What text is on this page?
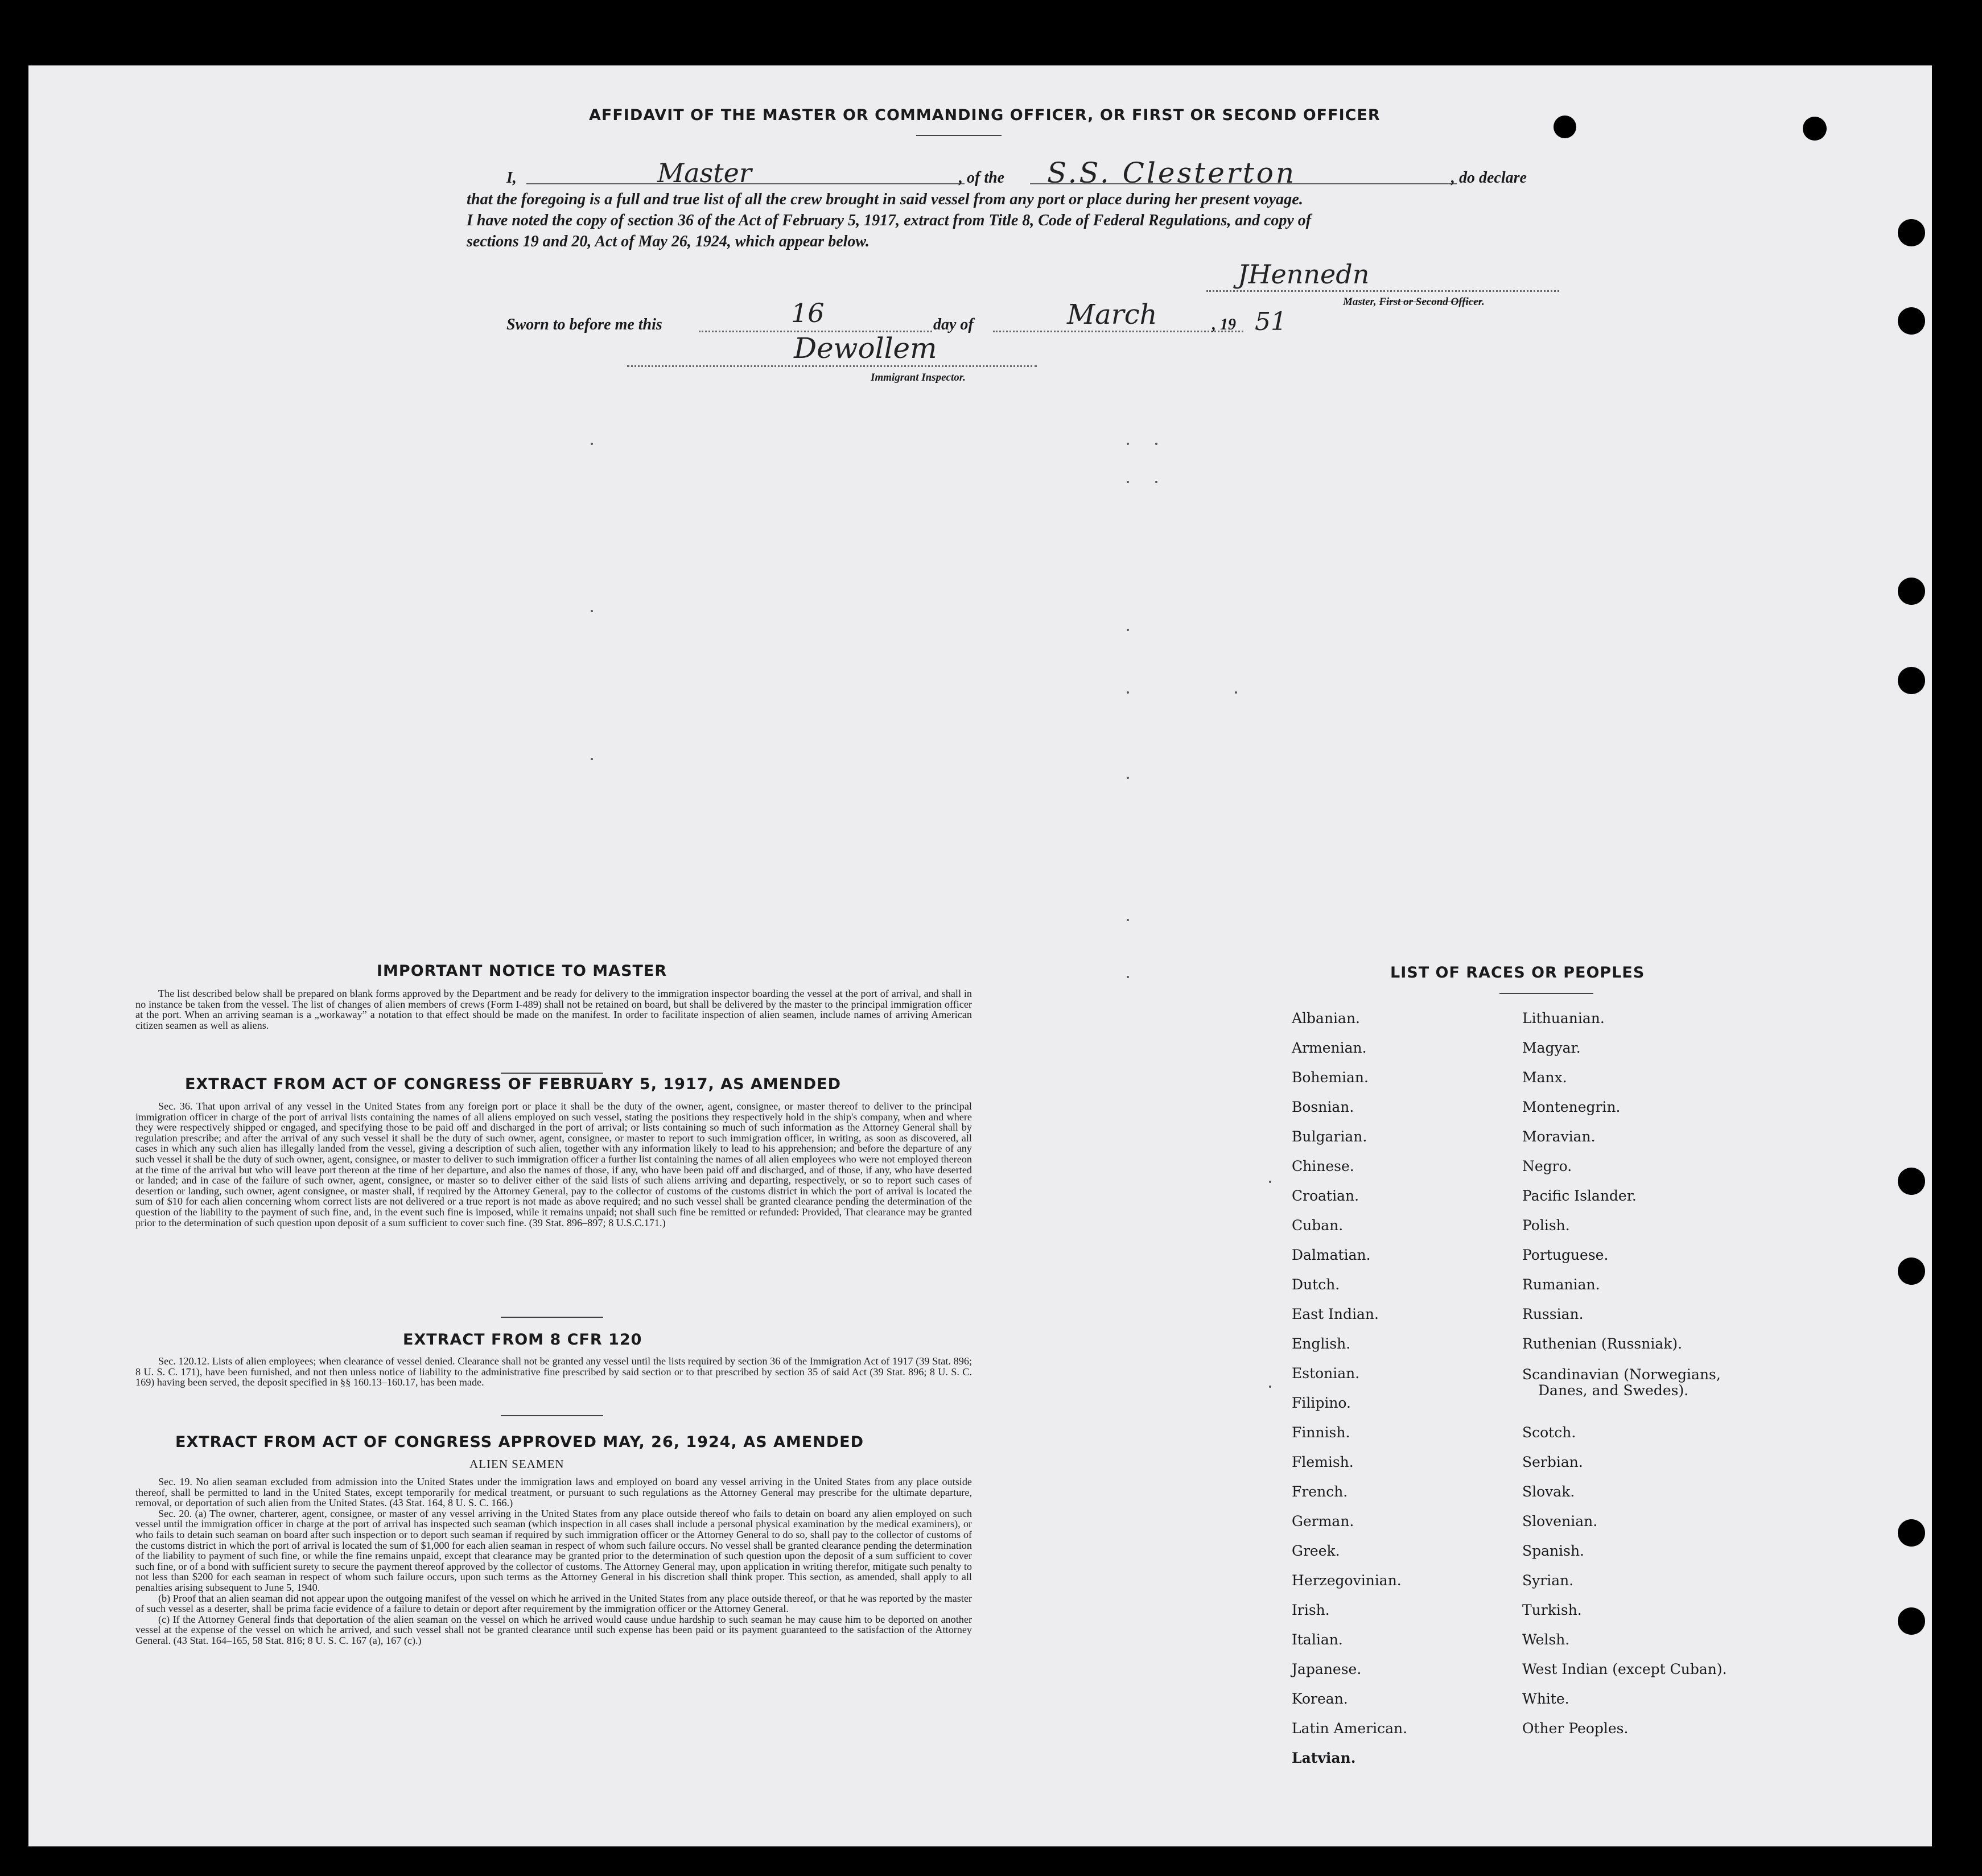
AFFIDAVIT OF THE MASTER OR COMMANDING OFFICER, OR FIRST OR SECOND OFFICER
I,	Master	, of the S.S. Clesterton	, do declare
that the foregoing is a full and true list of all the crew brought in said vessel from any port or place during her present voyage.
I have noted the copy of section 36 of the Act of February 5, 1917, extract from Title 8, Code of Federal Regulations, and copy of
sections 19 and 20, Act of May 26, 1924, which appear below.
JHennedn
Master, First or Second Officer.
Sworn to before me this	16	day of	March	, 19 51
Dewollem
Immigrant Inspector.
IMPORTANT NOTICE TO MASTER

The list described below shall be prepared on blank forms approved by the Department and be ready for delivery to the immigration inspector boarding the vessel at the port of arrival, and shall in no instance be taken from the vessel. The list of changes of alien members of crews (Form I-489) shall not be retained on board, but shall be delivered by the master to the principal immigration officer at the port. When an arriving seaman is a „workaway” a notation to that effect should be made on the manifest. In order to facilitate inspection of alien seamen, include names of arriving American citizen seamen as well as aliens.

EXTRACT FROM ACT OF CONGRESS OF FEBRUARY 5, 1917, AS AMENDED

Sec. 36. That upon arrival of any vessel in the United States from any foreign port or place it shall be the duty of the owner, agent, consignee, or master thereof to deliver to the principal immigration officer in charge of the port of arrival lists containing the names of all aliens employed on such vessel, stating the positions they respectively hold in the ship's company, when and where they were respectively shipped or engaged, and specifying those to be paid off and discharged in the port of arrival; or lists containing so much of such information as the Attorney General shall by regulation prescribe; and after the arrival of any such vessel it shall be the duty of such owner, agent, consignee, or master to report to such immigration officer, in writing, as soon as discovered, all cases in which any such alien has illegally landed from the vessel, giving a description of such alien, together with any information likely to lead to his apprehension; and before the departure of any such vessel it shall be the duty of such owner, agent, consignee, or master to deliver to such immigration officer a further list containing the names of all alien employees who were not employed thereon at the time of the arrival but who will leave port thereon at the time of her departure, and also the names of those, if any, who have been paid off and discharged, and of those, if any, who have deserted or landed; and in case of the failure of such owner, agent, consignee, or master so to deliver either of the said lists of such aliens arriving and departing, respectively, or so to report such cases of desertion or landing, such owner, agent consignee, or master shall, if required by the Attorney General, pay to the collector of customs of the customs district in which the port of arrival is located the sum of $10 for each alien concerning whom correct lists are not delivered or a true report is not made as above required; and no such vessel shall be granted clearance pending the determination of the question of the liability to the payment of such fine, and, in the event such fine is imposed, while it remains unpaid; not shall such fine be remitted or refunded: Provided, That clearance may be granted prior to the determination of such question upon deposit of a sum sufficient to cover such fine. (39 Stat. 896–897; 8 U.S.C.171.)

EXTRACT FROM 8 CFR 120

Sec. 120.12. Lists of alien employees; when clearance of vessel denied. Clearance shall not be granted any vessel until the lists required by section 36 of the Immigration Act of 1917 (39 Stat. 896; 8 U. S. C. 171), have been furnished, and not then unless notice of liability to the administrative fine prescribed by said section or to that prescribed by section 35 of said Act (39 Stat. 896; 8 U. S. C. 169) having been served, the deposit specified in §§ 160.13–160.17, has been made.

EXTRACT FROM ACT OF CONGRESS APPROVED MAY, 26, 1924, AS AMENDED
ALIEN SEAMEN

Sec. 19. No alien seaman excluded from admission into the United States under the immigration laws and employed on board any vessel arriving in the United States from any place outside thereof, shall be permitted to land in the United States, except temporarily for medical treatment, or pursuant to such regulations as the Attorney General may prescribe for the ultimate departure, removal, or deportation of such alien from the United States. (43 Stat. 164, 8 U. S. C. 166.)

Sec. 20. (a) The owner, charterer, agent, consignee, or master of any vessel arriving in the United States from any place outside thereof who fails to detain on board any alien employed on such vessel until the immigration officer in charge at the port of arrival has inspected such seaman (which inspection in all cases shall include a personal physical examination by the medical examiners), or who fails to detain such seaman on board after such inspection or to deport such seaman if required by such immigration officer or the Attorney General to do so, shall pay to the collector of customs of the customs district in which the port of arrival is located the sum of $1,000 for each alien seaman in respect of whom such failure occurs. No vessel shall be granted clearance pending the determination of the liability to payment of such fine, or while the fine remains unpaid, except that clearance may be granted prior to the determination of such question upon the deposit of a sum sufficient to cover such fine, or of a bond with sufficient surety to secure the payment thereof approved by the collector of customs. The Attorney General may, upon application in writing therefor, mitigate such penalty to not less than $200 for each seaman in respect of whom such failure occurs, upon such terms as the Attorney General in his discretion shall think proper. This section, as amended, shall apply to all penalties arising subsequent to June 5, 1940.

(b) Proof that an alien seaman did not appear upon the outgoing manifest of the vessel on which he arrived in the United States from any place outside thereof, or that he was reported by the master of such vessel as a deserter, shall be prima facie evidence of a failure to detain or deport after requirement by the immigration officer or the Attorney General.

(c) If the Attorney General finds that deportation of the alien seaman on the vessel on which he arrived would cause undue hardship to such seaman he may cause him to be deported on another vessel at the expense of the vessel on which he arrived, and such vessel shall not be granted clearance until such expense has been paid or its payment guaranteed to the satisfaction of the Attorney General. (43 Stat. 164–165, 58 Stat. 816; 8 U. S. C. 167 (a), 167 (c).)

LIST OF RACES OR PEOPLES
Albanian.
Armenian.
Bohemian.
Bosnian.
Bulgarian.
Chinese.
Croatian.
Cuban.
Dalmatian.
Dutch.
East Indian.
English.
Estonian.
Filipino.
Finnish.
Flemish.
French.
German.
Greek.
Herzegovinian.
Irish.
Italian.
Japanese.
Korean.
Latin American.
Latvian.
Lithuanian.
Magyar.
Manx.
Montenegrin.
Moravian.
Negro.
Pacific Islander.
Polish.
Portuguese.
Rumanian.
Russian.
Ruthenian (Russniak).
Scandinavian (Norwegians,
Danes, and Swedes).
Scotch.
Serbian.
Slovak.
Slovenian.
Spanish.
Syrian.
Turkish.
Welsh.
West Indian (except Cuban).
White.
Other Peoples.
